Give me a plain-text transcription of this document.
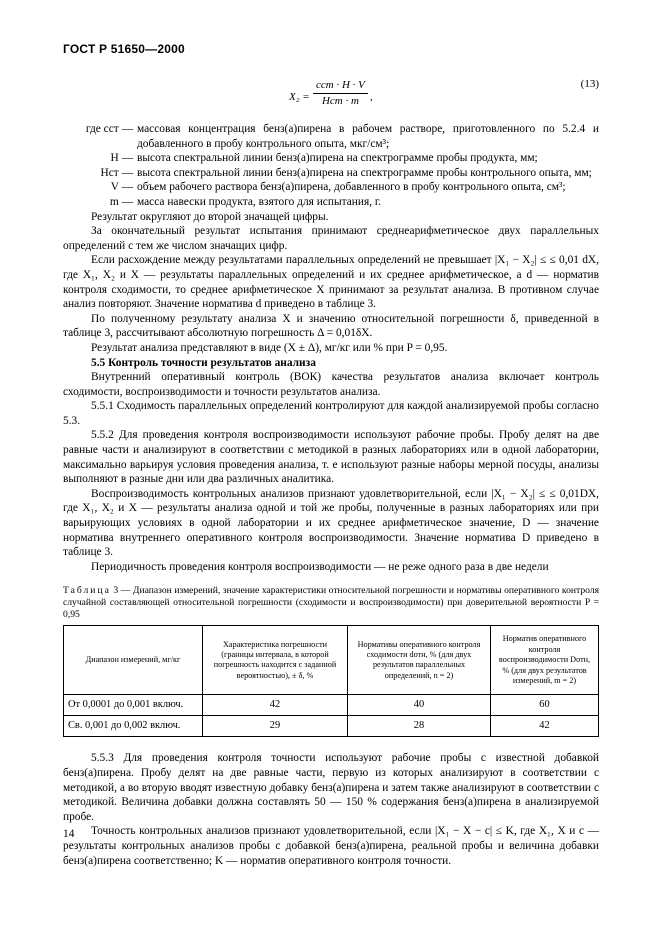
ГОСТ Р 51650—2000
X₂ =
cст · H · V
Hст · m	,
(13)
где cст — массовая концентрация бенз(а)пирена в рабочем растворе, приготовленного по 5.2.4 и добавленного в пробу контрольного опыта, мкг/см³;
H — высота спектральной линии бенз(а)пирена на спектрограмме пробы продукта, мм;
Hст — высота спектральной линии бенз(а)пирена на спектрограмме пробы контрольного опыта, мм;
V — объем рабочего раствора бенз(а)пирена, добавленного в пробу контрольного опыта, см³;
m — масса навески продукта, взятого для испытания, г.

Результат округляют до второй значащей цифры.

За окончательный результат испытания принимают среднеарифметическое двух параллельных определений с тем же числом значащих цифр.

Если расхождение между результатами параллельных определений не превышает |X₁ − X₂| ≤ ≤ 0,01 dX, где X₁, X₂ и X — результаты параллельных определений и их среднее арифметическое, а d — норматив контроля сходимости, то среднее арифметическое X принимают за результат анализа. В противном случае анализ повторяют. Значение норматива d приведено в таблице 3.

По полученному результату анализа X и значению относительной погрешности δ, приведенной в таблице 3, рассчитывают абсолютную погрешность Δ = 0,01δX.

Результат анализа представляют в виде (X ± Δ), мг/кг или % при P = 0,95.

5.5 Контроль точности результатов анализа

Внутренний оперативный контроль (ВОК) качества результатов анализа включает контроль сходимости, воспроизводимости и точности результатов анализа.

5.5.1 Сходимость параллельных определений контролируют для каждой анализируемой пробы согласно 5.3.

5.5.2 Для проведения контроля воспроизводимости используют рабочие пробы. Пробу делят на две равные части и анализируют в соответствии с методикой в разных лабораториях или в одной лаборатории, максимально варьируя условия проведения анализа, т. е используют разные наборы мерной посуды, анализы выполняют в разные дни или два различных аналитика.

Воспроизводимость контрольных анализов признают удовлетворительной, если |X₁ − X₂| ≤ ≤ 0,01DX, где X₁, X₂ и X — результаты анализа одной и той же пробы, полученные в разных лабораториях или при варьирующих условиях в одной лаборатории и их среднее арифметическое значение, D — значение норматива внутреннего оперативного контроля воспроизводимости. Значение норматива D приведено в таблице 3.

Периодичность проведения контроля воспроизводимости — не реже одного раза в две недели

Таблица 3 — Диапазон измерений, значение характеристики относительной погрешности и нормативы оперативного контроля случайной составляющей относительной погрешности (сходимости и воспроизводимости) при доверительной вероятности P = 0,95
Диапазон измерений, мг/кг	Характеристика погрешности (границы интервала, в которой погрешность находится с заданной вероятностью), ± δ, %	Нормативы оперативного контроля сходимости dотн, % (для двух результатов параллельных определений, n = 2)	Норматив оперативного контроля воспроизводимости Dотн, % (для двух результатов измерений, m = 2)
От 0,0001 до 0,001 включ.	42	40	60
Св. 0,001 до 0,002 включ.	29	28	42

5.5.3 Для проведения контроля точности используют рабочие пробы с известной добавкой бенз(а)пирена. Пробу делят на две равные части, первую из которых анализируют в соответствии с методикой, а во вторую вводят известную добавку бенз(а)пирена и затем также анализируют в соответствии с методикой. Величина добавки должна составлять 50 — 150 % содержания бенз(а)пирена в анализируемой пробе.

Точность контрольных анализов признают удовлетворительной, если |X₁ − X − c| ≤ K, где X₁, X и c — результаты контрольных анализов пробы с добавкой бенз(а)пирена, реальной пробы и величина добавки бенз(а)пирена соответственно; K — норматив оперативного контроля точности.

14
